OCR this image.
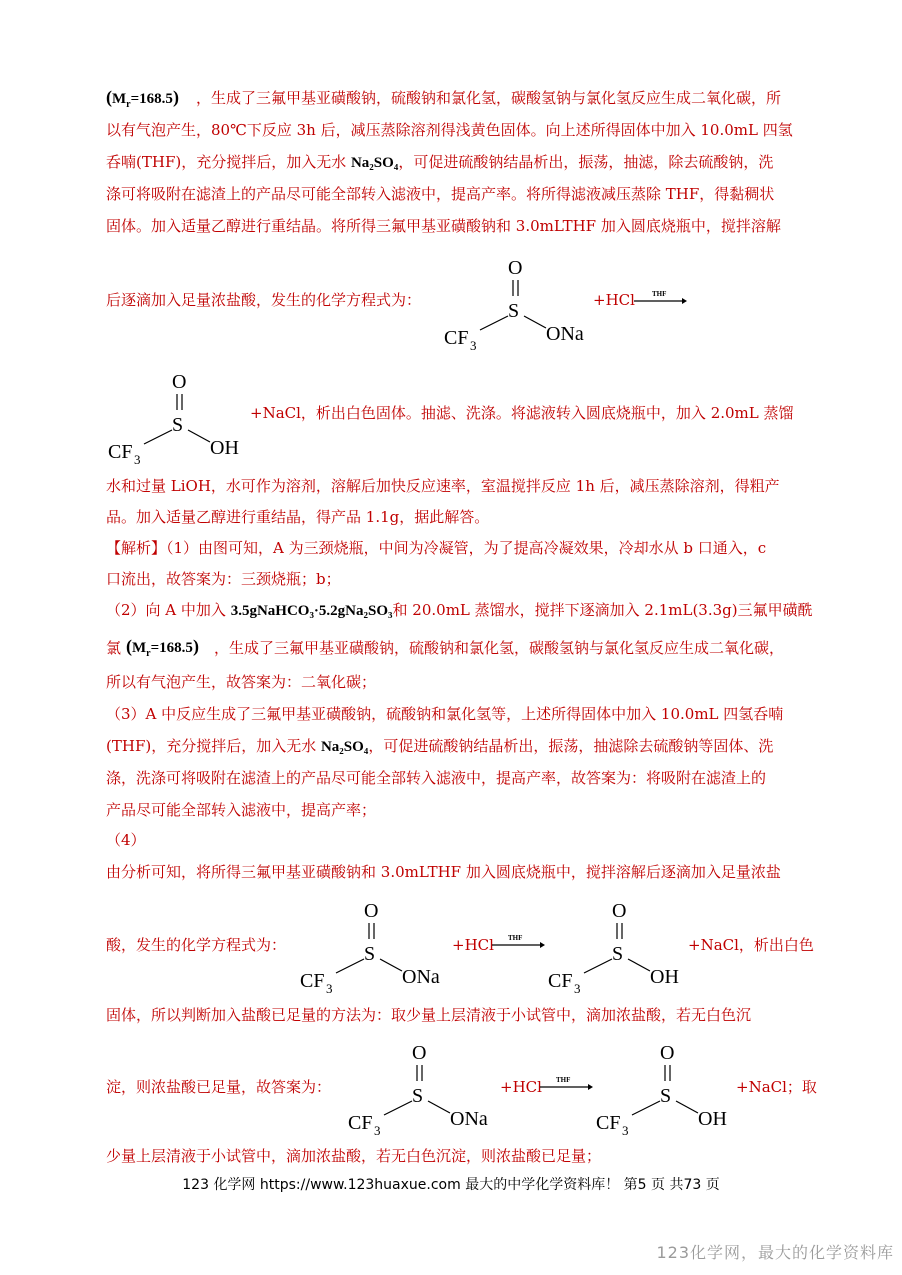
$(M_r=168.5)$ ，生成了三氟甲基亚磺酸钠，硫酸钠和氯化氢，碳酸氢钠与氯化氢反应生成二氧化碳，所
以有气泡产生，80℃下反应 3h 后，减压蒸除溶剂得浅黄色固体。向上述所得固体中加入 10.0mL 四氢
呑喃(THF)，充分搅拌后，加入无水 Na₂SO₄，可促进硫酸钠结晶析出，振荡，抽滤，除去硫酸钠，洗
涤可将吸附在滤渣上的产品尽可能全部转入滤液中，提高产率。将所得滤液减压蒸除 THF，得黏稠状
固体。加入适量乙醇进行重结晶。将所得三氟甲基亚磺酸钠和 3.0mLTHF 加入圆底烧瓶中，搅拌溶解
后逐滴加入足量浓盐酸，发生的化学方程式为：
O
S
CF 3
ONa
+HCl THF
O
S
CF 3
OH
+NaCl，析出白色固体。抽滤、洗涤。将滤液转入圆底烧瓶中，加入 2.0mL 蒸馏
水和过量 LiOH，水可作为溶剂，溶解后加快反应速率，室温搅拌反应 1h 后，减压蒸除溶剂，得粗产
品。加入适量乙醇进行重结晶，得产品 1.1g，据此解答。
【解析】（1）由图可知，A 为三颈烧瓶，中间为冷凝管，为了提高冷凝效果，冷却水从 b 口通入，c
口流出，故答案为：三颈烧瓶；b；
（2）向 A 中加入 3.5gNaHCO₃·5.2gNa₂SO₃和 20.0mL 蒸馏水，搅拌下逐滴加入 2.1mL(3.3g)三氟甲磺酰
氯 $(M_r=168.5)$ ，生成了三氟甲基亚磺酸钠，硫酸钠和氯化氢，碳酸氢钠与氯化氢反应生成二氧化碳，
所以有气泡产生，故答案为：二氧化碳；
（3）A 中反应生成了三氟甲基亚磺酸钠，硫酸钠和氯化氢等，上述所得固体中加入 10.0mL 四氢呑喃
(THF)，充分搅拌后，加入无水 Na₂SO₄，可促进硫酸钠结晶析出，振荡，抽滤除去硫酸钠等固体、洗
涤，洗涤可将吸附在滤渣上的产品尽可能全部转入滤液中，提高产率，故答案为：将吸附在滤渣上的
产品尽可能全部转入滤液中，提高产率；
（4）
由分析可知，将所得三氟甲基亚磺酸钠和 3.0mLTHF 加入圆底烧瓶中，搅拌溶解后逐滴加入足量浓盐
酸，发生的化学方程式为：
O
S
CF 3
ONa
+HCl THF
O
S
CF 3
OH
+NaCl，析出白色
固体，所以判断加入盐酸已足量的方法为：取少量上层清液于小试管中，滴加浓盐酸，若无白色沉
淀，则浓盐酸已足量，故答案为：
O
S
CF 3
ONa
+HCl THF
O
S
CF 3
OH
+NaCl；取
少量上层清液于小试管中，滴加浓盐酸，若无白色沉淀，则浓盐酸已足量；
123 化学网 https://www.123huaxue.com 最大的中学化学资料库！ 第5 页 共73 页
123化学网，最大的化学资料库
